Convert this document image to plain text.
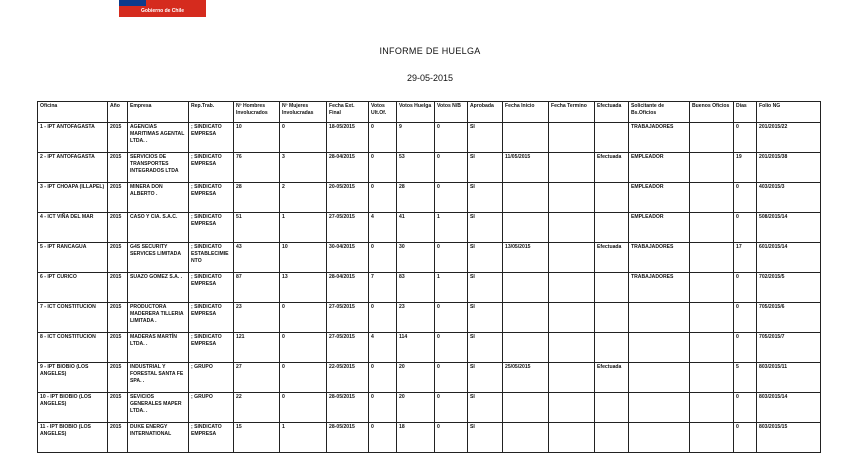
Gobierno de Chile
INFORME DE HUELGA
29-05-2015
Oficina	Año	Empresa	Rep.Trab.	Nº Hombres Involucrados	Nº Mujeres Involucradas	Fecha Ext. Final	Votos Ult.Of.	Votos Huelga	Votos N/B	Aprobada	Fecha Inicio	Fecha Termino	Efectuada	Solicitante de Bs.Oficios	Buenos Oficios	Días	Folio NG
1 - IPT ANTOFAGASTA	2015	AGENCIAS MARITIMAS AGENTAL LTDA. .	; SINDICATO EMPRESA	10	0	18-05/2015	0	9	0	SI				TRABAJADORES		0	201/2015/22
2 - IPT ANTOFAGASTA	2015	SERVICIOS DE TRANSPORTES INTEGRADOS LTDA	; SINDICATO EMPRESA	76	3	28-04/2015	0	53	0	SI	11/05/2015		Efectuada	EMPLEADOR		19	201/2015/38
3 - IPT CHOAPA (ILLAPEL)	2015	MINERA DON ALBERTO .	; SINDICATO EMPRESA	28	2	20-05/2015	0	28	0	SI				EMPLEADOR		0	403/2015/3
4 - ICT VIÑA DEL MAR	2015	CASO Y CIA. S.A.C.	; SINDICATO EMPRESA	51	1	27-05/2015	4	41	1	SI				EMPLEADOR		0	508/2015/14
5 - IPT RANCAGUA	2015	G4S SECURITY SERVICES LIMITADA	; SINDICATO ESTABLECIMIENTO	43	10	30-04/2015	0	30	0	SI	13/05/2015		Efectuada	TRABAJADORES		17	601/2015/14
6 - IPT CURICO	2015	SUAZO GOMEZ S.A. .	; SINDICATO EMPRESA	87	13	28-04/2015	7	83	1	SI				TRABAJADORES		0	702/2015/5
7 - ICT CONSTITUCION	2015	PRODUCTORA MADERERA TILLERIA LIMITADA .	; SINDICATO EMPRESA	23	0	27-05/2015	0	23	0	SI						0	705/2015/6
8 - ICT CONSTITUCION	2015	MADERAS MARTÍN LTDA. .	; SINDICATO EMPRESA	121	0	27-05/2015	4	114	0	SI						0	705/2015/7
9 - IPT BIOBIO (LOS ANGELES)	2015	INDUSTRIAL Y FORESTAL SANTA FE SPA. .	; GRUPO	27	0	22-05/2015	0	20	0	SI	25/05/2015		Efectuada			5	803/2015/11
10 - IPT BIOBIO (LOS ANGELES)	2015	SEVICIOS GENERALES MAPER LTDA. .	; GRUPO	22	0	28-05/2015	0	20	0	SI						0	803/2015/14
11 - IPT BIOBIO (LOS ANGELES)	2015	DUKE ENERGY INTERNATIONAL	; SINDICATO EMPRESA	15	1	28-05/2015	0	18	0	SI						0	803/2015/15
